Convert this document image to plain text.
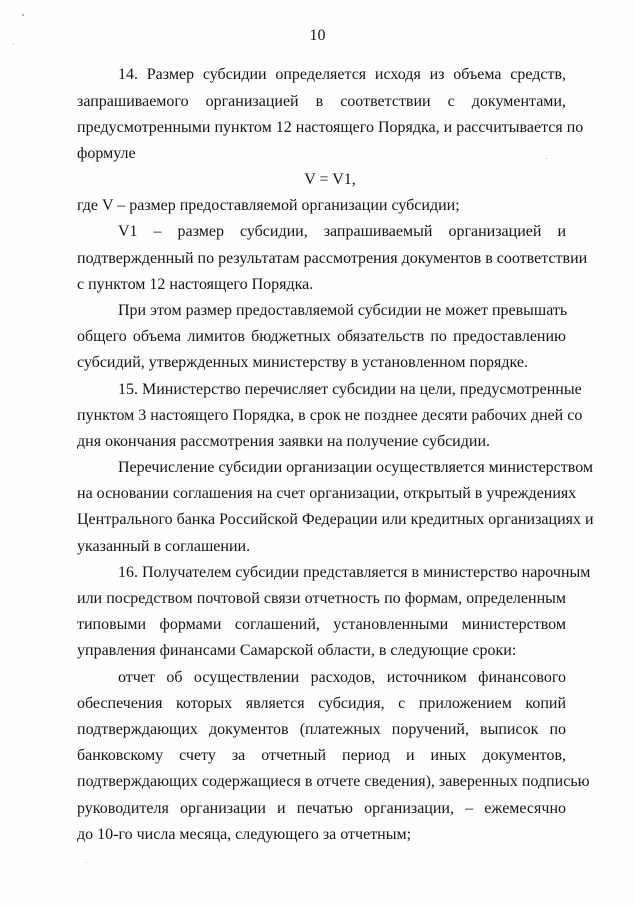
10
14. Размер субсидии определяется исходя из объема средств,
запрашиваемого организацией в соответствии с документами,
предусмотренными пунктом 12 настоящего Порядка, и рассчитывается по
формуле
V = V1,
где V – размер предоставляемой организации субсидии;
V1 – размер субсидии, запрашиваемый организацией и
подтвержденный по результатам рассмотрения документов в соответствии
с пунктом 12 настоящего Порядка.
При этом размер предоставляемой субсидии не может превышать
общего объема лимитов бюджетных обязательств по предоставлению
субсидий, утвержденных министерству в установленном порядке.
15. Министерство перечисляет субсидии на цели, предусмотренные
пунктом 3 настоящего Порядка, в срок не позднее десяти рабочих дней со
дня окончания рассмотрения заявки на получение субсидии.
Перечисление субсидии организации осуществляется министерством
на основании соглашения на счет организации, открытый в учреждениях
Центрального банка Российской Федерации или кредитных организациях и
указанный в соглашении.
16. Получателем субсидии представляется в министерство нарочным
или посредством почтовой связи отчетность по формам, определенным
типовыми формами соглашений, установленными министерством
управления финансами Самарской области, в следующие сроки:
отчет об осуществлении расходов, источником финансового
обеспечения которых является субсидия, с приложением копий
подтверждающих документов (платежных поручений, выписок по
банковскому счету за отчетный период и иных документов,
подтверждающих содержащиеся в отчете сведения), заверенных подписью
руководителя организации и печатью организации, – ежемесячно
до 10-го числа месяца, следующего за отчетным;
